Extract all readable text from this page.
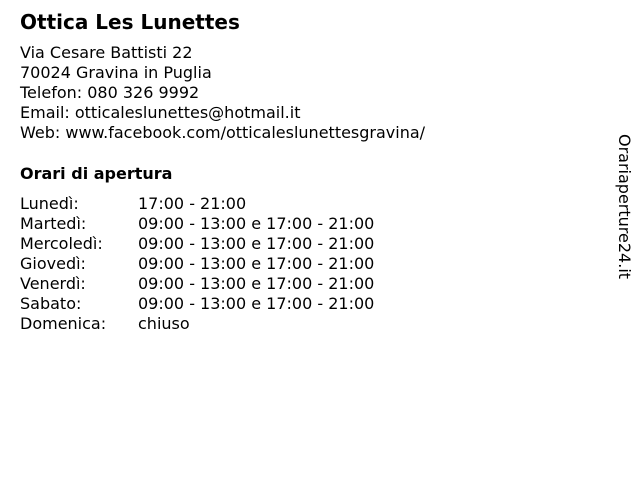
Ottica Les Lunettes
Via Cesare Battisti 22
70024 Gravina in Puglia
Telefon: 080 326 9992
Email: otticaleslunettes@hotmail.it
Web: www.facebook.com/otticaleslunettesgravina/
Orari di apertura
Lunedì:	17:00 - 21:00
Martedì:	09:00 - 13:00 e 17:00 - 21:00
Mercoledì: 09:00 - 13:00 e 17:00 - 21:00
Giovedì:	09:00 - 13:00 e 17:00 - 21:00
Venerdì:	09:00 - 13:00 e 17:00 - 21:00
Sabato:	09:00 - 13:00 e 17:00 - 21:00
Domenica: chiuso
Orariaperture24.it
